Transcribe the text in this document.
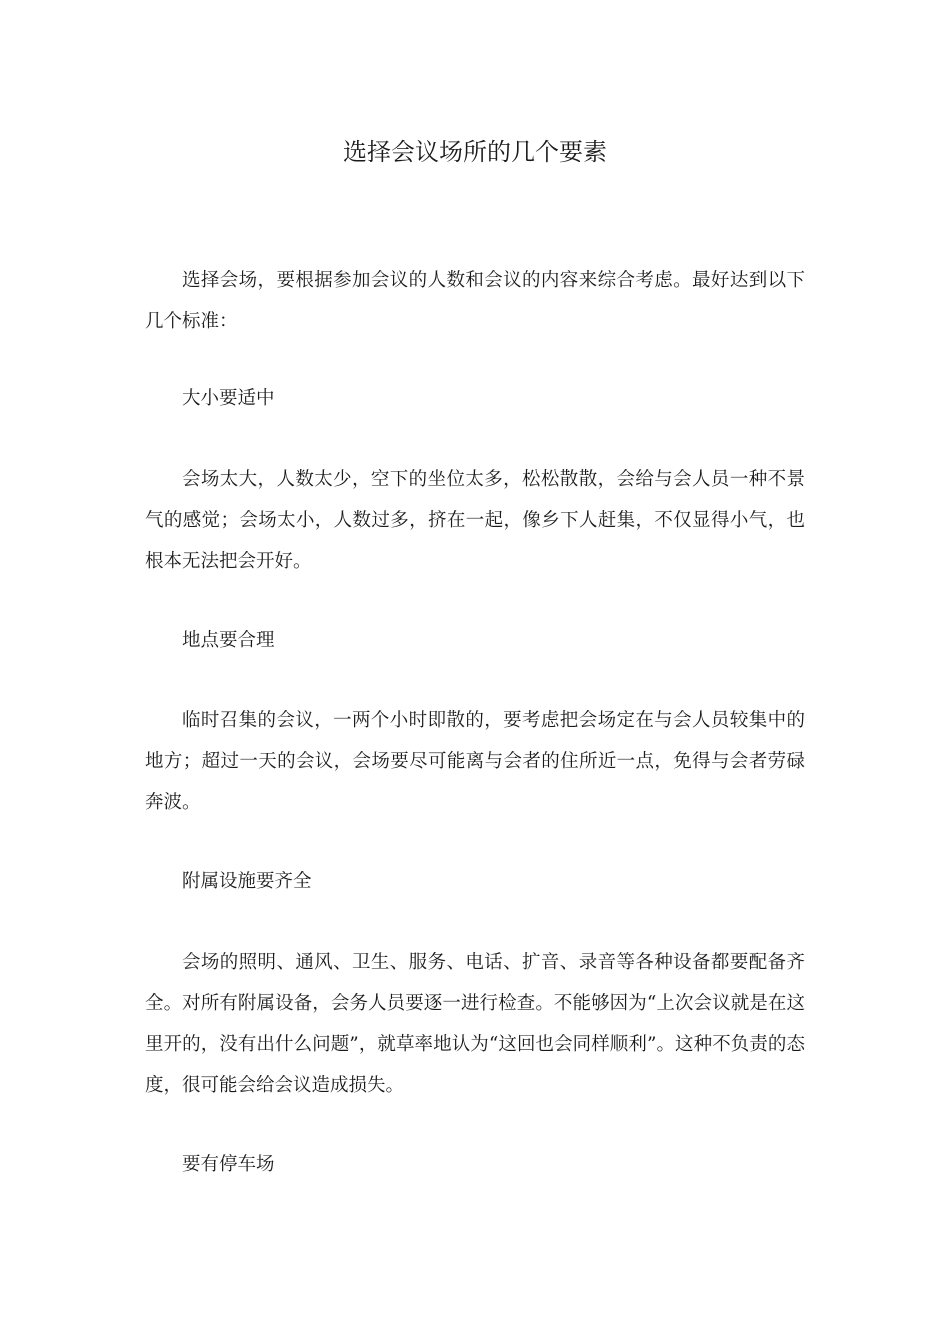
选择会议场所的几个要素

选择会场，要根据参加会议的人数和会议的内容来综合考虑。最好达到以下几个标准：

大小要适中

会场太大，人数太少，空下的坐位太多，松松散散，会给与会人员一种不景气的感觉；会场太小，人数过多，挤在一起，像乡下人赶集，不仅显得小气，也根本无法把会开好。

地点要合理

临时召集的会议，一两个小时即散的，要考虑把会场定在与会人员较集中的地方；超过一天的会议，会场要尽可能离与会者的住所近一点，免得与会者劳碌奔波。

附属设施要齐全

会场的照明、通风、卫生、服务、电话、扩音、录音等各种设备都要配备齐全。对所有附属设备，会务人员要逐一进行检查。不能够因为“上次会议就是在这里开的，没有出什么问题”，就草率地认为“这回也会同样顺利”。这种不负责的态度，很可能会给会议造成损失。

要有停车场
